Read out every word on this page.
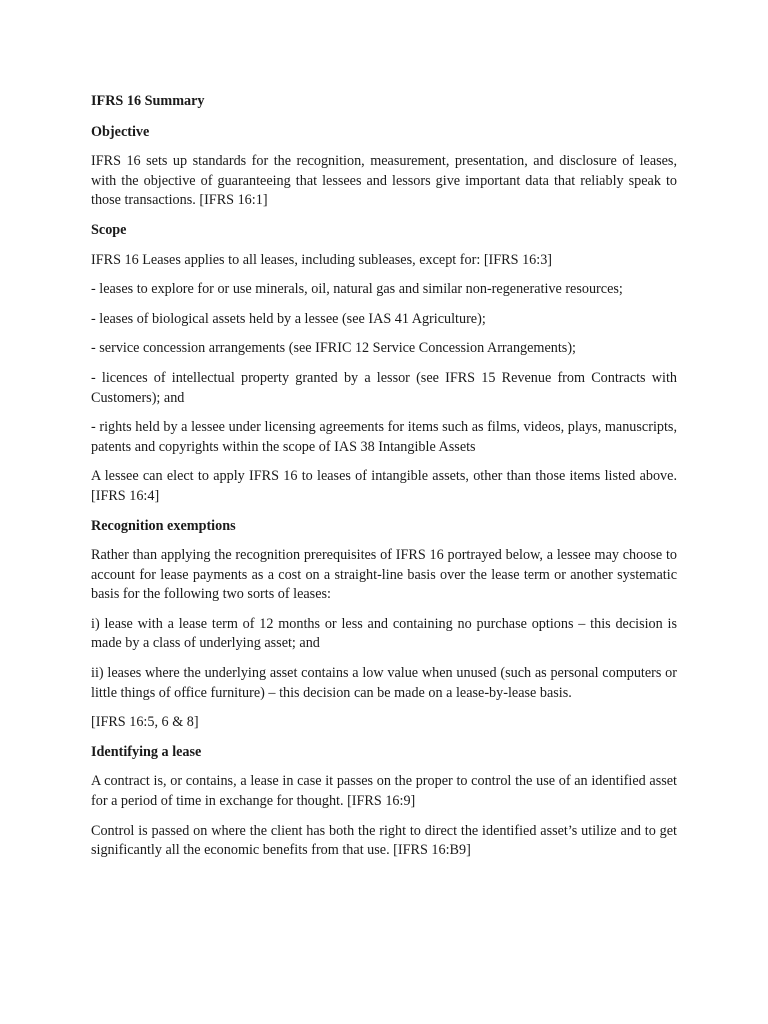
IFRS 16 Summary

Objective

IFRS 16 sets up standards for the recognition, measurement, presentation, and disclosure of leases, with the objective of guaranteeing that lessees and lessors give important data that reliably speak to those transactions. [IFRS 16:1]

Scope

IFRS 16 Leases applies to all leases, including subleases, except for: [IFRS 16:3]

- leases to explore for or use minerals, oil, natural gas and similar non-regenerative resources;

- leases of biological assets held by a lessee (see IAS 41 Agriculture);

- service concession arrangements (see IFRIC 12 Service Concession Arrangements);

- licences of intellectual property granted by a lessor (see IFRS 15 Revenue from Contracts with Customers); and

- rights held by a lessee under licensing agreements for items such as films, videos, plays, manuscripts, patents and copyrights within the scope of IAS 38 Intangible Assets

A lessee can elect to apply IFRS 16 to leases of intangible assets, other than those items listed above. [IFRS 16:4]

Recognition exemptions

Rather than applying the recognition prerequisites of IFRS 16 portrayed below, a lessee may choose to account for lease payments as a cost on a straight-line basis over the lease term or another systematic basis for the following two sorts of leases:

i) lease with a lease term of 12 months or less and containing no purchase options – this decision is made by a class of underlying asset; and

ii) leases where the underlying asset contains a low value when unused (such as personal computers or little things of office furniture) – this decision can be made on a lease-by-lease basis.

[IFRS 16:5, 6 & 8]

Identifying a lease

A contract is, or contains, a lease in case it passes on the proper to control the use of an identified asset for a period of time in exchange for thought. [IFRS 16:9]

Control is passed on where the client has both the right to direct the identified asset’s utilize and to get significantly all the economic benefits from that use. [IFRS 16:B9]
